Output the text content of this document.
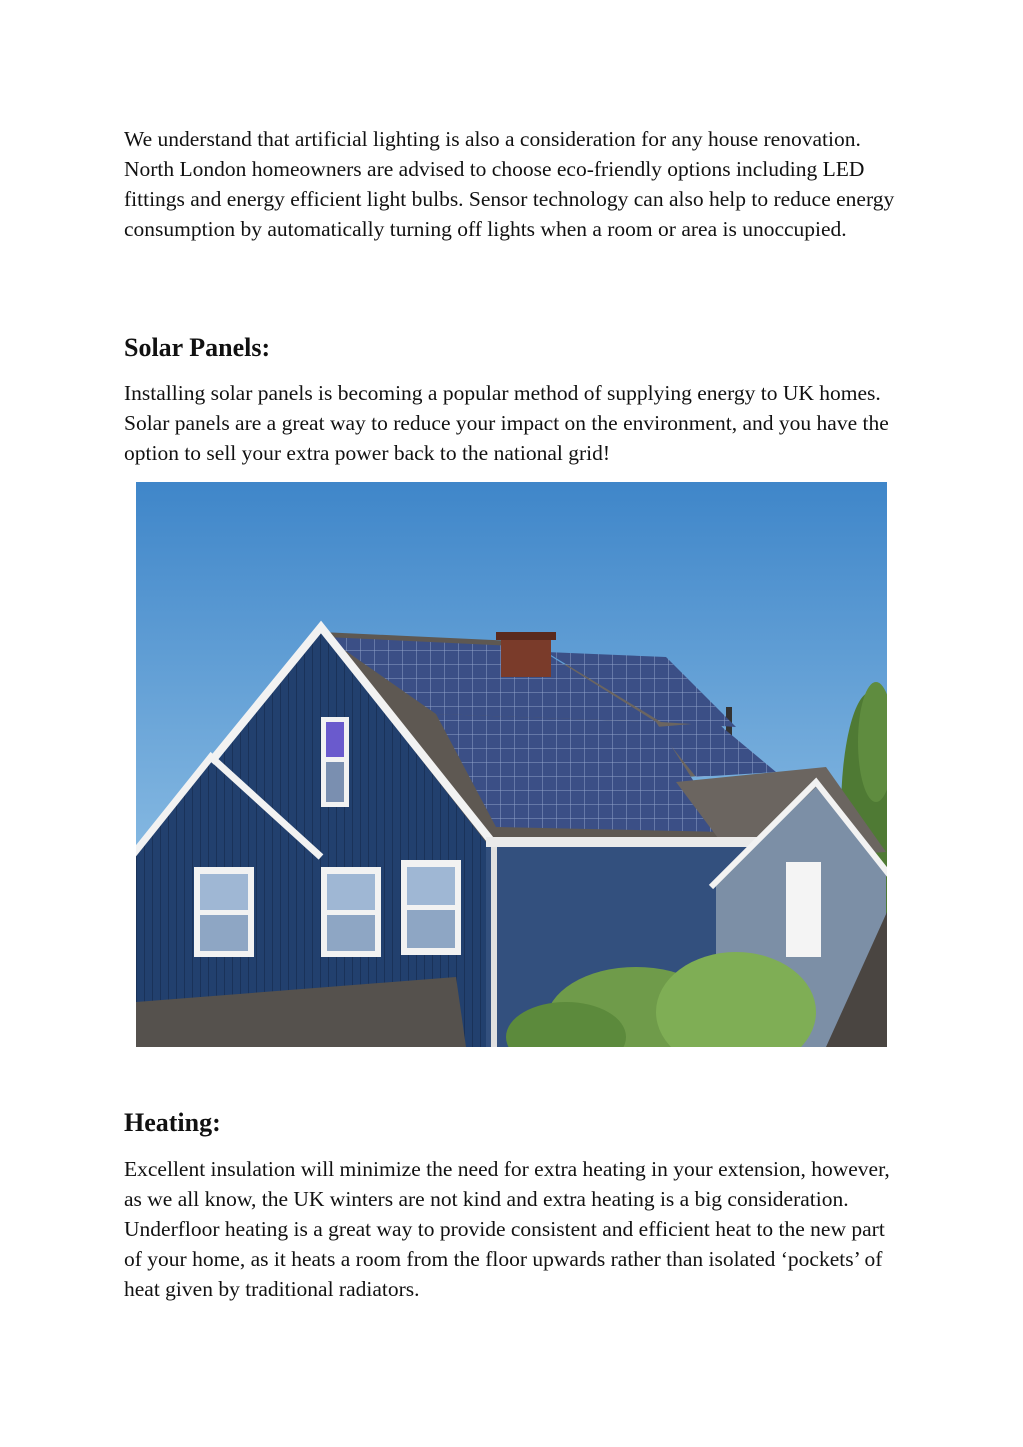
We understand that artificial lighting is also a consideration for any house renovation. North London homeowners are advised to choose eco-friendly options including LED fittings and energy efficient light bulbs. Sensor technology can also help to reduce energy consumption by automatically turning off lights when a room or area is unoccupied.

Solar Panels:

Installing solar panels is becoming a popular method of supplying energy to UK homes. Solar panels are a great way to reduce your impact on the environment, and you have the option to sell your extra power back to the national grid!

Heating:

Excellent insulation will minimize the need for extra heating in your extension, however, as we all know, the UK winters are not kind and extra heating is a big consideration. Underfloor heating is a great way to provide consistent and efficient heat to the new part of your home, as it heats a room from the floor upwards rather than isolated ‘pockets’ of heat given by traditional radiators.
